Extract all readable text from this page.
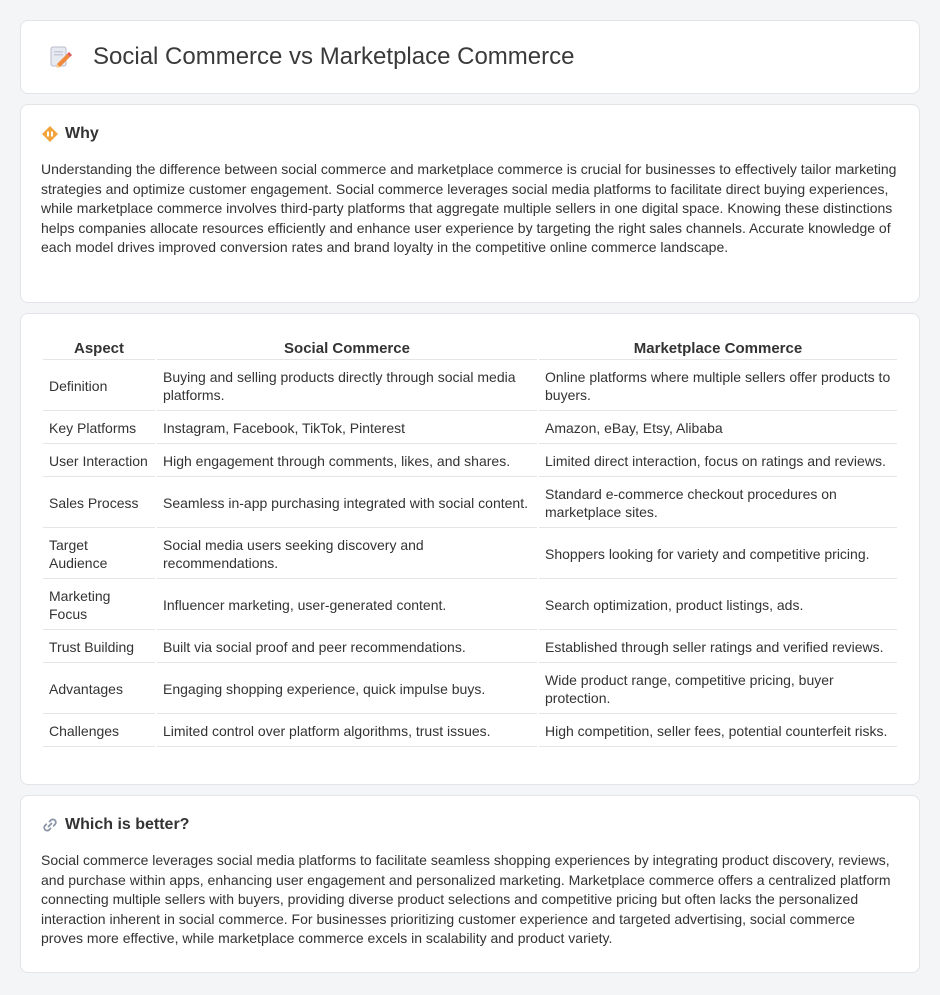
Social Commerce vs Marketplace Commerce
Why

Understanding the difference between social commerce and marketplace commerce is crucial for businesses to effectively tailor marketing strategies and optimize customer engagement. Social commerce leverages social media platforms to facilitate direct buying experiences, while marketplace commerce involves third-party platforms that aggregate multiple sellers in one digital space. Knowing these distinctions helps companies allocate resources efficiently and enhance user experience by targeting the right sales channels. Accurate knowledge of each model drives improved conversion rates and brand loyalty in the competitive online commerce landscape.

Aspect	Social Commerce	Marketplace Commerce
Definition	Buying and selling products directly through social media platforms.	Online platforms where multiple sellers offer products to buyers.
Key Platforms	Instagram, Facebook, TikTok, Pinterest	Amazon, eBay, Etsy, Alibaba
User Interaction	High engagement through comments, likes, and shares.	Limited direct interaction, focus on ratings and reviews.
Sales Process	Seamless in-app purchasing integrated with social content.	Standard e-commerce checkout procedures on marketplace sites.
Target Audience	Social media users seeking discovery and recommendations.	Shoppers looking for variety and competitive pricing.
Marketing Focus	Influencer marketing, user-generated content.	Search optimization, product listings, ads.
Trust Building	Built via social proof and peer recommendations.	Established through seller ratings and verified reviews.
Advantages	Engaging shopping experience, quick impulse buys.	Wide product range, competitive pricing, buyer protection.
Challenges	Limited control over platform algorithms, trust issues.	High competition, seller fees, potential counterfeit risks.
Which is better?

Social commerce leverages social media platforms to facilitate seamless shopping experiences by integrating product discovery, reviews, and purchase within apps, enhancing user engagement and personalized marketing. Marketplace commerce offers a centralized platform connecting multiple sellers with buyers, providing diverse product selections and competitive pricing but often lacks the personalized interaction inherent in social commerce. For businesses prioritizing customer experience and targeted advertising, social commerce proves more effective, while marketplace commerce excels in scalability and product variety.
